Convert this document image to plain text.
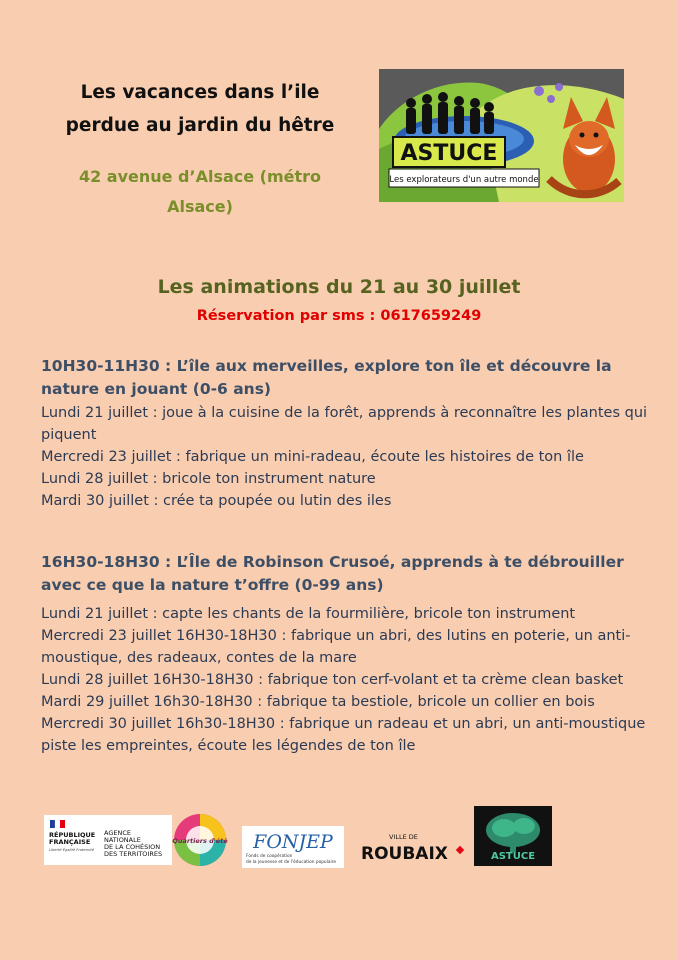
Les vacances dans l’ile
perdue au jardin du hêtre
42 avenue d’Alsace (métro
Alsace)
ASTUCE
Les explorateurs d'un autre monde
Les animations du 21 au 30 juillet
Réservation par sms : 0617659249
10H30-11H30 : L’île aux merveilles, explore ton île et découvre la nature en jouant (0-6 ans)
Lundi 21 juillet : joue à la cuisine de la forêt, apprends à reconnaître les plantes qui piquent
Mercredi 23 juillet : fabrique un mini-radeau, écoute les histoires de ton île
Lundi 28 juillet : bricole ton instrument nature
Mardi 30 juillet : crée ta poupée ou lutin des iles
16H30-18H30 : L’Île de Robinson Crusoé, apprends à te débrouiller avec ce que la nature t’offre (0-99 ans)
Lundi 21 juillet : capte les chants de la fourmilière, bricole ton instrument
Mercredi 23 juillet 16H30-18H30 : fabrique un abri, des lutins en poterie, un anti-moustique, des radeaux, contes de la mare
Lundi 28 juillet 16H30-18H30 : fabrique ton cerf-volant et ta crème clean basket
Mardi 29 juillet 16h30-18H30 : fabrique ta bestiole, bricole un collier en bois
Mercredi 30 juillet 16h30-18H30 : fabrique un radeau et un abri, un anti-moustique piste les empreintes, écoute les légendes de ton île
RÉPUBLIQUE
FRANÇAISE
Liberté Égalité Fraternité
AGENCE
NATIONALE
DE LA COHÉSION
DES TERRITOIRES
Quartiers d'été FONJEP
Fonds de coopération
de la jeunesse et de l'éducation populaire
VILLE DE
ROUBAIX	ASTUCE
